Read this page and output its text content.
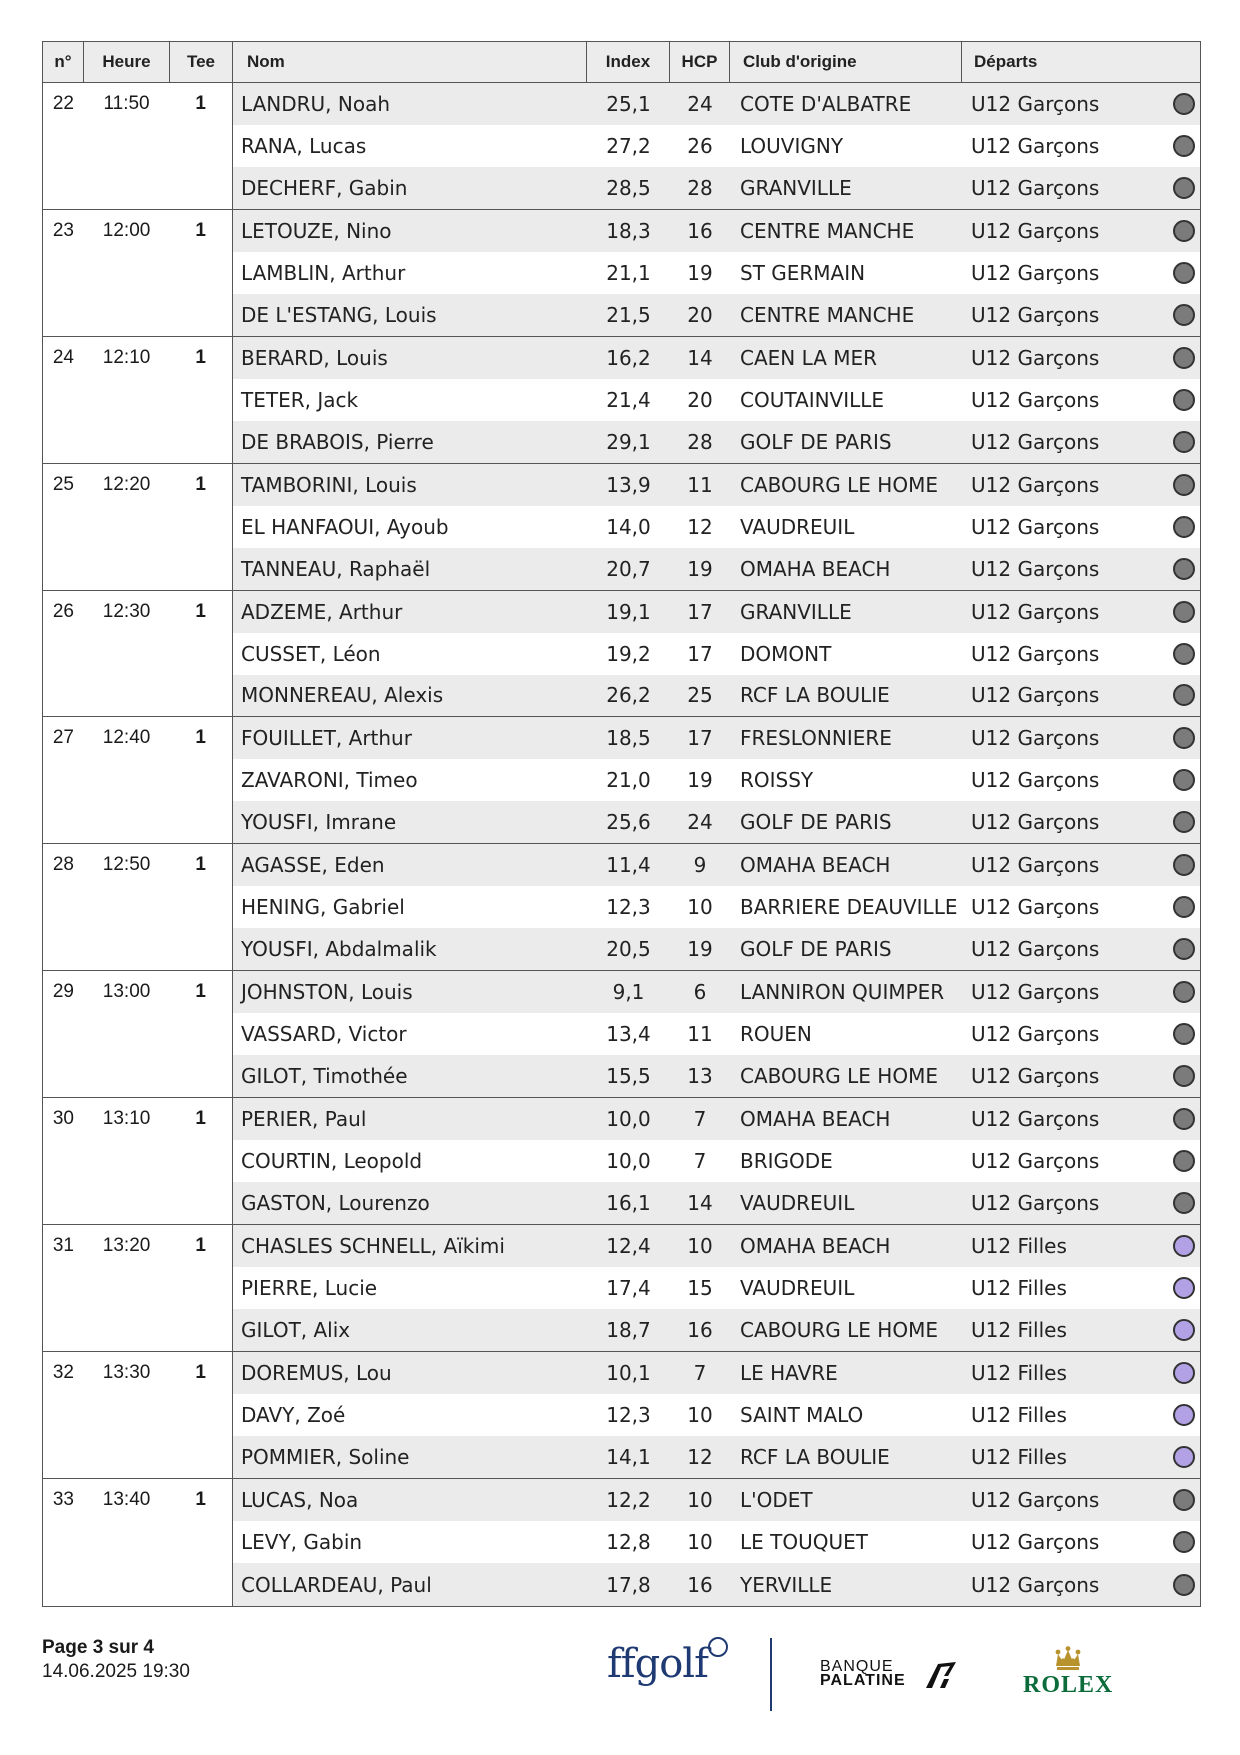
n°	Heure	Tee	Nom	Index	HCP	Club d'origine	Départs
22	11:50	1	LANDRU, Noah	25,1	24	COTE D'ALBATRE	U12 Garçons
RANA, Lucas	27,2	26	LOUVIGNY	U12 Garçons
DECHERF, Gabin	28,5	28	GRANVILLE	U12 Garçons
23	12:00	1	LETOUZE, Nino	18,3	16	CENTRE MANCHE	U12 Garçons
LAMBLIN, Arthur	21,1	19	ST GERMAIN	U12 Garçons
DE L'ESTANG, Louis	21,5	20	CENTRE MANCHE	U12 Garçons
24	12:10	1	BERARD, Louis	16,2	14	CAEN LA MER	U12 Garçons
TETER, Jack	21,4	20	COUTAINVILLE	U12 Garçons
DE BRABOIS, Pierre	29,1	28	GOLF DE PARIS	U12 Garçons
25	12:20	1	TAMBORINI, Louis	13,9	11	CABOURG LE HOME	U12 Garçons
EL HANFAOUI, Ayoub	14,0	12	VAUDREUIL	U12 Garçons
TANNEAU, Raphaël	20,7	19	OMAHA BEACH	U12 Garçons
26	12:30	1	ADZEME, Arthur	19,1	17	GRANVILLE	U12 Garçons
CUSSET, Léon	19,2	17	DOMONT	U12 Garçons
MONNEREAU, Alexis	26,2	25	RCF LA BOULIE	U12 Garçons
27	12:40	1	FOUILLET, Arthur	18,5	17	FRESLONNIERE	U12 Garçons
ZAVARONI, Timeo	21,0	19	ROISSY	U12 Garçons
YOUSFI, Imrane	25,6	24	GOLF DE PARIS	U12 Garçons
28	12:50	1	AGASSE, Eden	11,4	9	OMAHA BEACH	U12 Garçons
HENING, Gabriel	12,3	10	BARRIERE DEAUVILLE U12 Garçons
YOUSFI, Abdalmalik	20,5	19	GOLF DE PARIS	U12 Garçons
29	13:00	1	JOHNSTON, Louis	9,1	6	LANNIRON QUIMPER	U12 Garçons
VASSARD, Victor	13,4	11	ROUEN	U12 Garçons
GILOT, Timothée	15,5	13	CABOURG LE HOME	U12 Garçons
30	13:10	1	PERIER, Paul	10,0	7	OMAHA BEACH	U12 Garçons
COURTIN, Leopold	10,0	7	BRIGODE	U12 Garçons
GASTON, Lourenzo	16,1	14	VAUDREUIL	U12 Garçons
31	13:20	1	CHASLES SCHNELL, Aïkimi	12,4	10	OMAHA BEACH	U12 Filles
PIERRE, Lucie	17,4	15	VAUDREUIL	U12 Filles
GILOT, Alix	18,7	16	CABOURG LE HOME	U12 Filles
32	13:30	1	DOREMUS, Lou	10,1	7	LE HAVRE	U12 Filles
DAVY, Zoé	12,3	10	SAINT MALO	U12 Filles
POMMIER, Soline	14,1	12	RCF LA BOULIE	U12 Filles
33	13:40	1	LUCAS, Noa	12,2	10	L'ODET	U12 Garçons
LEVY, Gabin	12,8	10	LE TOUQUET	U12 Garçons
COLLARDEAU, Paul	17,8	16	YERVILLE	U12 Garçons
Page 3 sur 4
14.06.2025 19:30	ffgolf	BANQUE
PALATINE	ROLEX
